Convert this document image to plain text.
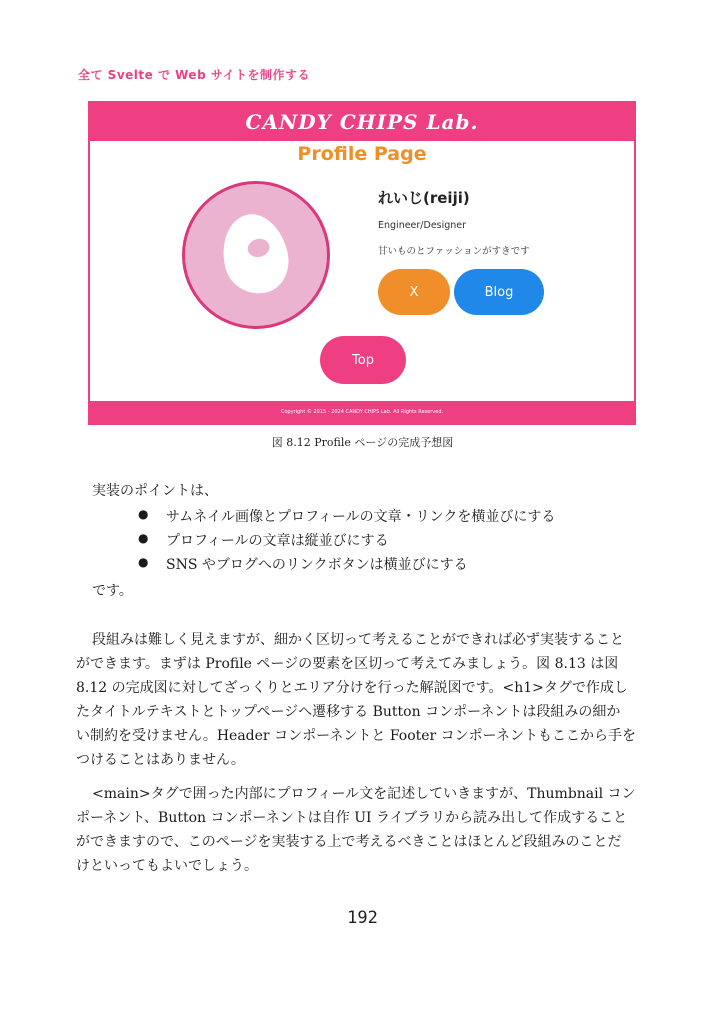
全て Svelte で Web サイトを制作する
CANDY CHIPS Lab.
Profile Page
れいじ(reiji)
Engineer/Designer
甘いものとファッションがすきです
X	Blog
Top
Copyright © 2015 - 2024 CANDY CHIPS Lab. All Rights Reserved.
図 8.12 Profile ページの完成予想図
実装のポイントは、
● サムネイル画像とプロフィールの文章・リンクを横並びにする
● プロフィールの文章は縦並びにする
● SNS やブログへのリンクボタンは横並びにする
です。
段組みは難しく見えますが、細かく区切って考えることができれば必ず実装すること
ができます。まずは Profile ページの要素を区切って考えてみましょう。図 8.13 は図
8.12 の完成図に対してざっくりとエリア分けを行った解説図です。<h1>タグで作成し
たタイトルテキストとトップページへ遷移する Button コンポーネントは段組みの細か
い制約を受けません。Header コンポーネントと Footer コンポーネントもここから手を
つけることはありません。
<main>タグで囲った内部にプロフィール文を記述していきますが、Thumbnail コン
ポーネント、Button コンポーネントは自作 UI ライブラリから読み出して作成すること
ができますので、このページを実装する上で考えるべきことはほとんど段組みのことだ
けといってもよいでしょう。
192
